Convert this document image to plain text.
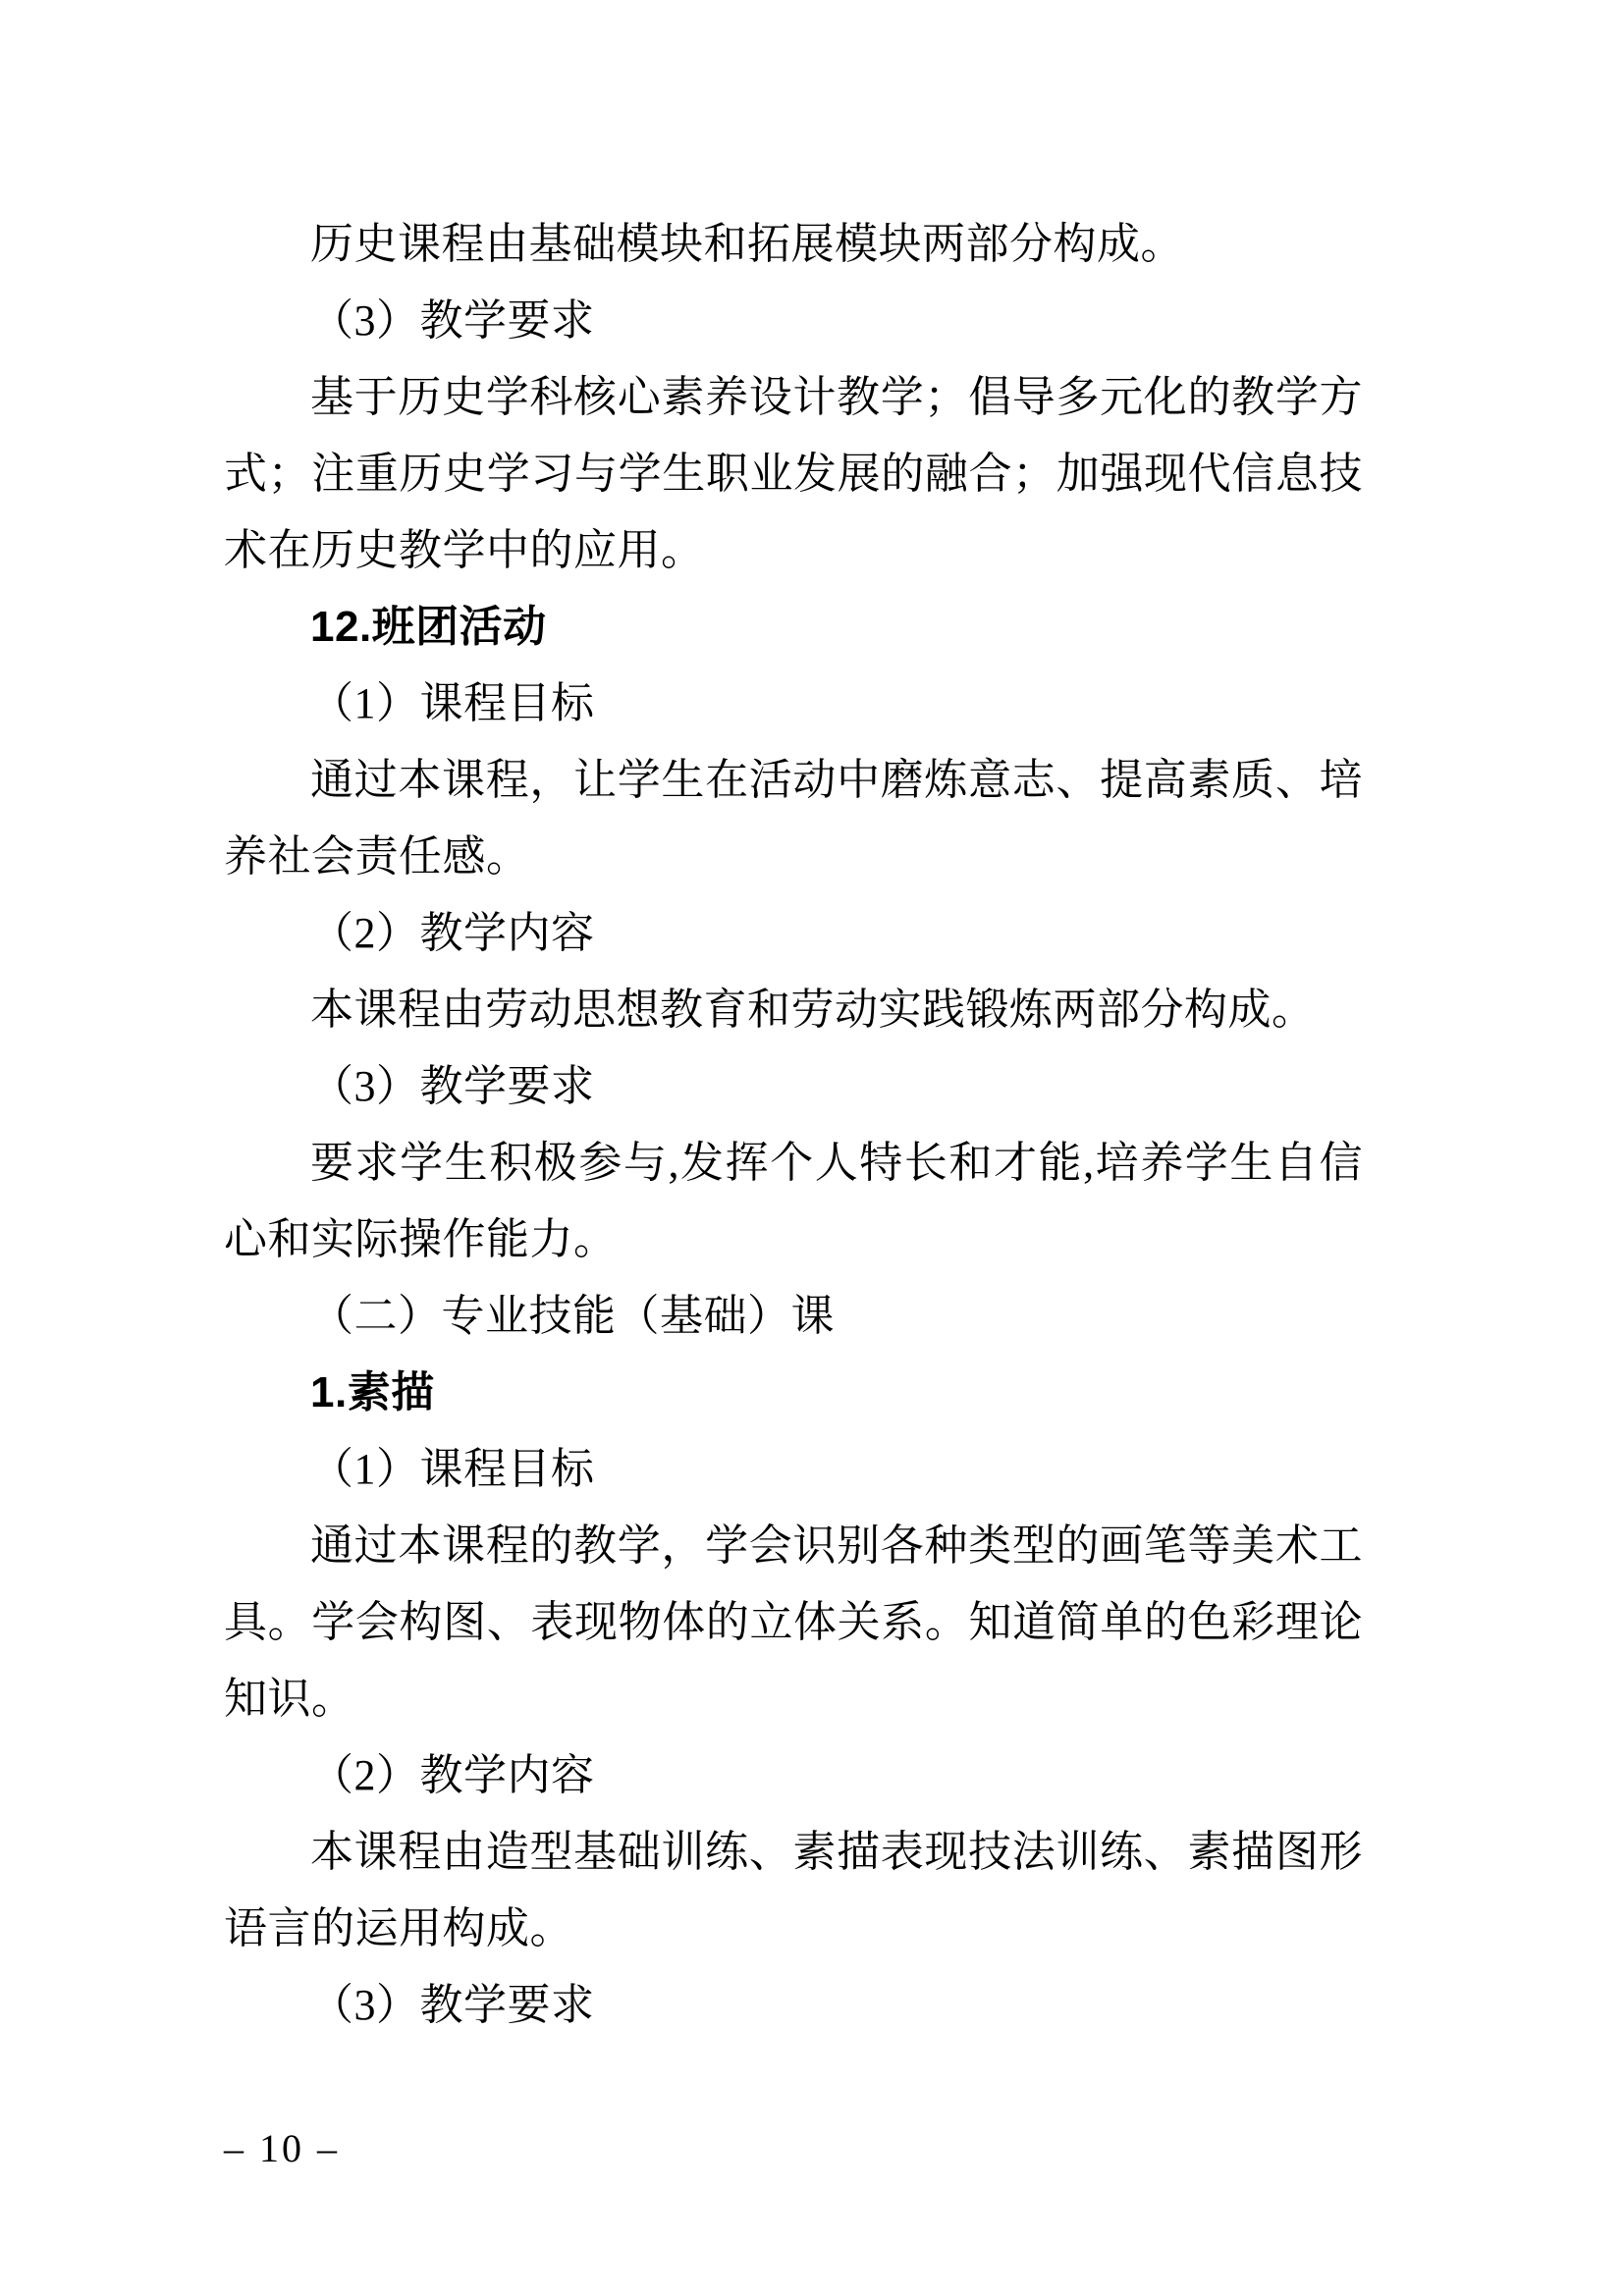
历史课程由基础模块和拓展模块两部分构成。

（3）教学要求

基于历史学科核心素养设计教学；倡导多元化的教学方式；注重历史学习与学生职业发展的融合；加强现代信息技术在历史教学中的应用。

12.班团活动

（1）课程目标

通过本课程，让学生在活动中磨炼意志、提高素质、培养社会责任感。

（2）教学内容

本课程由劳动思想教育和劳动实践锻炼两部分构成。

（3）教学要求

要求学生积极参与,发挥个人特长和才能,培养学生自信心和实际操作能力。

（二）专业技能（基础）课

1.素描

（1）课程目标

通过本课程的教学，学会识别各种类型的画笔等美术工具。学会构图、表现物体的立体关系。知道简单的色彩理论知识。

（2）教学内容

本课程由造型基础训练、素描表现技法训练、素描图形语言的运用构成。

（3）教学要求

– 10 –
